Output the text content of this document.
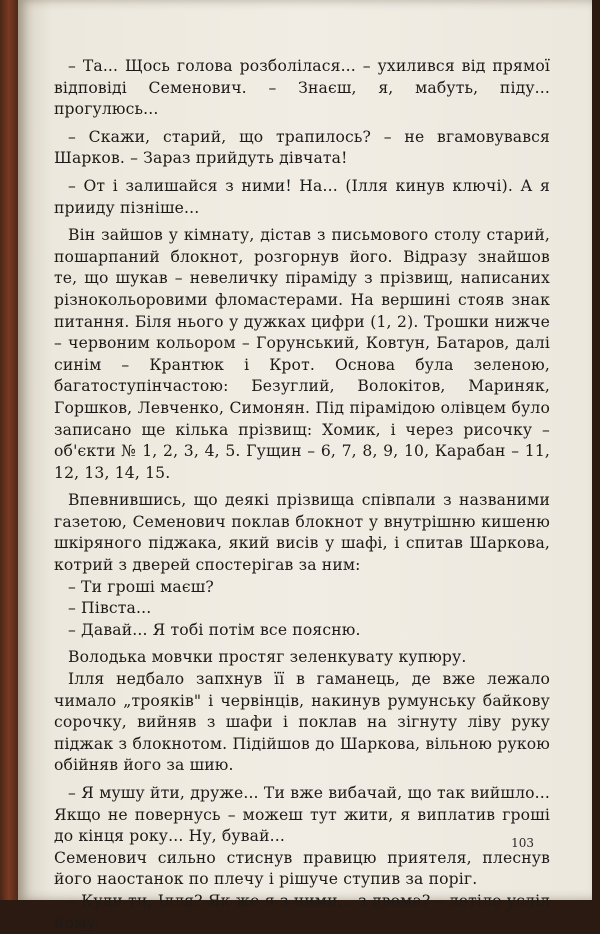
– Та... Щось голова розболілася... – ухилився від прямої відповіді Семенович. – Знаєш, я, мабуть, піду... прогулюсь...

– Скажи, старий, що трапилось? – не вгамовувався Шарков. – Зараз прийдуть дівчата!

– От і залишайся з ними! На... (Ілля кинув ключі). А я прииду пізніше...

Він зайшов у кімнату, дістав з письмового столу старий, пошарпаний блокнот, розгорнув його. Відразу знайшов те, що шукав – невеличку піраміду з прізвищ, написаних різнокольоровими фломастерами. На вершині стояв знак питання. Біля нього у дужках цифри (1, 2). Трошки нижче – червоним кольором – Горунський, Ковтун, Батаров, далі синім – Крантюк і Крот. Основа була зеленою, багатоступінчастою: Безуглий, Волокітов, Мариняк, Горшков, Левченко, Симонян. Під пірамідою олівцем було записано ще кілька прізвищ: Хомик, і через рисочку – об'єкти № 1, 2, 3, 4, 5. Гущин – 6, 7, 8, 9, 10, Карабан – 11, 12, 13, 14, 15.

Впевнившись, що деякі прізвища співпали з названими газетою, Семенович поклав блокнот у внутрішню кишеню шкіряного піджака, який висів у шафі, і спитав Шаркова, котрий з дверей спостерігав за ним:

– Ти гроші маєш?

– Півста...

– Давай... Я тобі потім все поясню.

Володька мовчки простяг зеленкувату купюру.

Ілля недбало запхнув її в гаманець, де вже лежало чимало „трояків" і червінців, накинув румунську байкову сорочку, вийняв з шафи і поклав на зігнуту ліву руку піджак з блокнотом. Підійшов до Шаркова, вільною рукою обійняв його за шию.

– Я мушу йти, друже... Ти вже вибачай, що так вийшло... Якщо не повернусь – можеш тут жити, я виплатив гроші до кінця року... Ну, бувай...

Семенович сильно стиснув правицю приятеля, плеснув його наостанок по плечу і рішуче ступив за поріг.

– Куди ти, Ілля? Як же я з ними... з двома? – летіло услід йому.

103
